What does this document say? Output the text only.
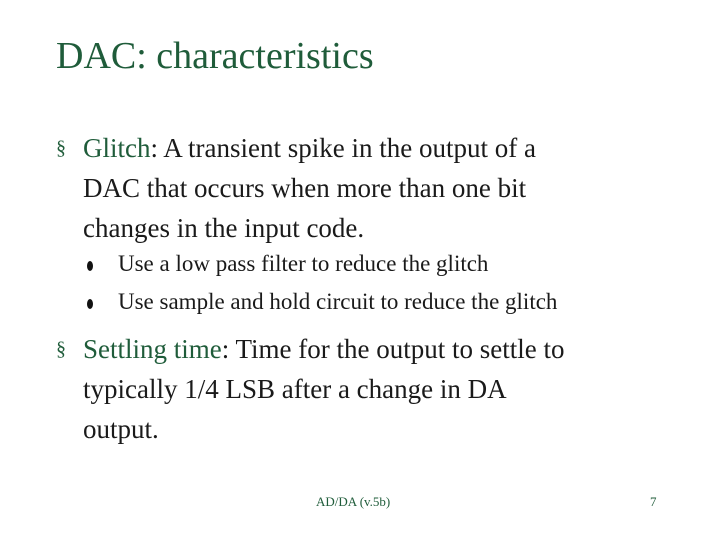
DAC: characteristics
§ Glitch: A transient spike in the output of a
DAC that occurs when more than one bit
changes in the input code.
Use a low pass filter to reduce the glitch
Use sample and hold circuit to reduce the glitch
§ Settling time: Time for the output to settle to
typically 1/4 LSB after a change in DA
output.
AD/DA (v.5b)	7
